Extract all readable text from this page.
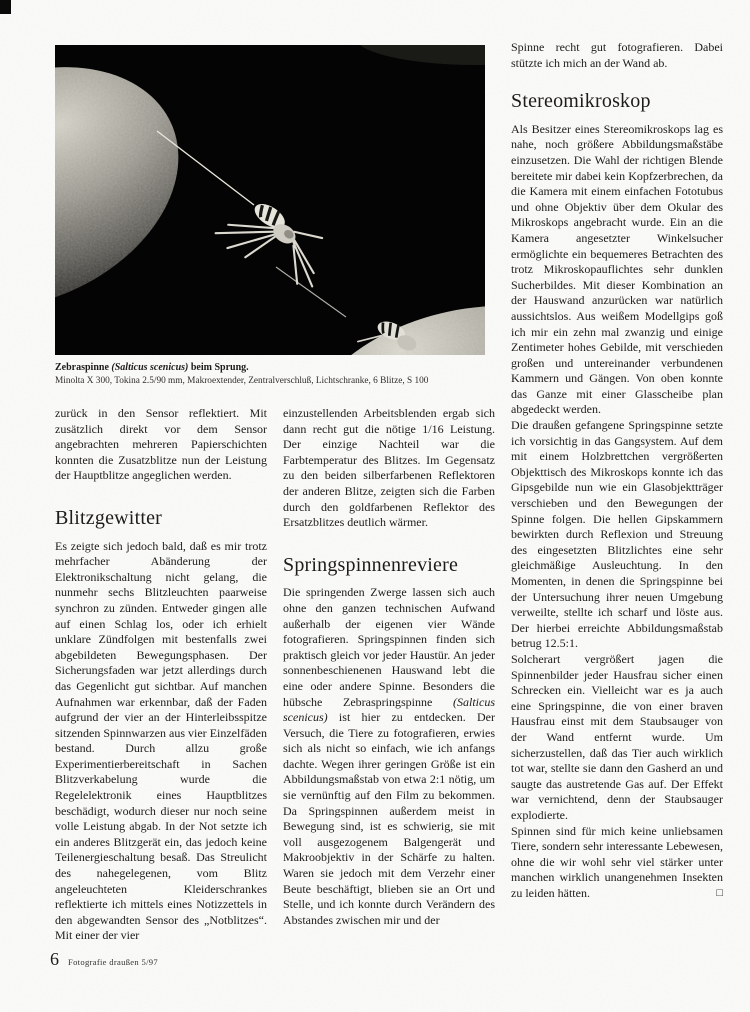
Zebraspinne (Salticus scenicus) beim Sprung.
Minolta X 300, Tokina 2.5/90 mm, Makroextender, Zentralverschluß, Lichtschranke, 6 Blitze, S 100

zurück in den Sensor reflektiert. Mit zusätzlich direkt vor dem Sensor angebrachten mehreren Papierschichten konnten die Zusatzblitze nun der Leistung der Hauptblitze angeglichen werden.

Blitzgewitter

Es zeigte sich jedoch bald, daß es mir trotz mehrfacher Abänderung der Elektronikschaltung nicht gelang, die nunmehr sechs Blitzleuchten paarweise synchron zu zünden. Entweder gingen alle auf einen Schlag los, oder ich erhielt unklare Zündfolgen mit bestenfalls zwei abgebildeten Bewegungsphasen. Der Sicherungsfaden war jetzt allerdings durch das Gegenlicht gut sichtbar. Auf manchen Aufnahmen war erkennbar, daß der Faden aufgrund der vier an der Hinterleibsspitze sitzenden Spinnwarzen aus vier Einzelfäden bestand. Durch allzu große Experimentierbereitschaft in Sachen Blitzverkabelung wurde die Regelelektronik eines Hauptblitzes beschädigt, wodurch dieser nur noch seine volle Leistung abgab. In der Not setzte ich ein anderes Blitzgerät ein, das jedoch keine Teilenergieschaltung besaß. Das Streulicht des nahegelegenen, vom Blitz angeleuchteten Kleiderschrankes reflektierte ich mittels eines Notizzettels in den abgewandten Sensor des „Notblitzes“. Mit einer der vier

einzustellenden Arbeitsblenden ergab sich dann recht gut die nötige 1/16 Leistung. Der einzige Nachteil war die Farbtemperatur des Blitzes. Im Gegensatz zu den beiden silberfarbenen Reflektoren der anderen Blitze, zeigten sich die Farben durch den goldfarbenen Reflektor des Ersatzblitzes deutlich wärmer.

Springspinnenreviere

Die springenden Zwerge lassen sich auch ohne den ganzen technischen Aufwand außerhalb der eigenen vier Wände fotografieren. Springspinnen finden sich praktisch gleich vor jeder Haustür. An jeder sonnenbeschienenen Hauswand lebt die eine oder andere Spinne. Besonders die hübsche Zebraspringspinne (Salticus scenicus) ist hier zu entdecken. Der Versuch, die Tiere zu fotografieren, erwies sich als nicht so einfach, wie ich anfangs dachte. Wegen ihrer geringen Größe ist ein Abbildungsmaßstab von etwa 2:1 nötig, um sie vernünftig auf den Film zu bekommen. Da Springspinnen außerdem meist in Bewegung sind, ist es schwierig, sie mit voll ausgezogenem Balgengerät und Makroobjektiv in der Schärfe zu halten. Waren sie jedoch mit dem Verzehr einer Beute beschäftigt, blieben sie an Ort und Stelle, und ich konnte durch Verändern des Abstandes zwischen mir und der

Spinne recht gut fotografieren. Dabei stützte ich mich an der Wand ab.

Stereomikroskop

Als Besitzer eines Stereomikroskops lag es nahe, noch größere Abbildungsmaßstäbe einzusetzen. Die Wahl der richtigen Blende bereitete mir dabei kein Kopfzerbrechen, da die Kamera mit einem einfachen Fototubus und ohne Objektiv über dem Okular des Mikroskops angebracht wurde. Ein an die Kamera angesetzter Winkelsucher ermöglichte ein bequemeres Betrachten des trotz Mikroskopauflichtes sehr dunklen Sucherbildes. Mit dieser Kombination an der Hauswand anzurücken war natürlich aussichtslos. Aus weißem Modellgips goß ich mir ein zehn mal zwanzig und einige Zentimeter hohes Gebilde, mit verschieden großen und untereinander verbundenen Kammern und Gängen. Von oben konnte das Ganze mit einer Glasscheibe plan abgedeckt werden.

Die draußen gefangene Springspinne setzte ich vorsichtig in das Gangsystem. Auf dem mit einem Holzbrettchen vergrößerten Objekttisch des Mikroskops konnte ich das Gipsgebilde nun wie ein Glasobjektträger verschieben und den Bewegungen der Spinne folgen. Die hellen Gipskammern bewirkten durch Reflexion und Streuung des eingesetzten Blitzlichtes eine sehr gleichmäßige Ausleuchtung. In den Momenten, in denen die Springspinne bei der Untersuchung ihrer neuen Umgebung verweilte, stellte ich scharf und löste aus. Der hierbei erreichte Abbildungsmaßstab betrug 12.5:1.

Solcherart vergrößert jagen die Spinnenbilder jeder Hausfrau sicher einen Schrecken ein. Vielleicht war es ja auch eine Springspinne, die von einer braven Hausfrau einst mit dem Staubsauger von der Wand entfernt wurde. Um sicherzustellen, daß das Tier auch wirklich tot war, stellte sie dann den Gasherd an und saugte das austretende Gas auf. Der Effekt war vernichtend, denn der Staubsauger explodierte.

Spinnen sind für mich keine unliebsamen Tiere, sondern sehr interessante Lebewesen, ohne die wir wohl sehr viel stärker unter manchen wirklich unangenehmen Insekten zu leiden hätten.	□

6 Fotografie draußen 5/97
